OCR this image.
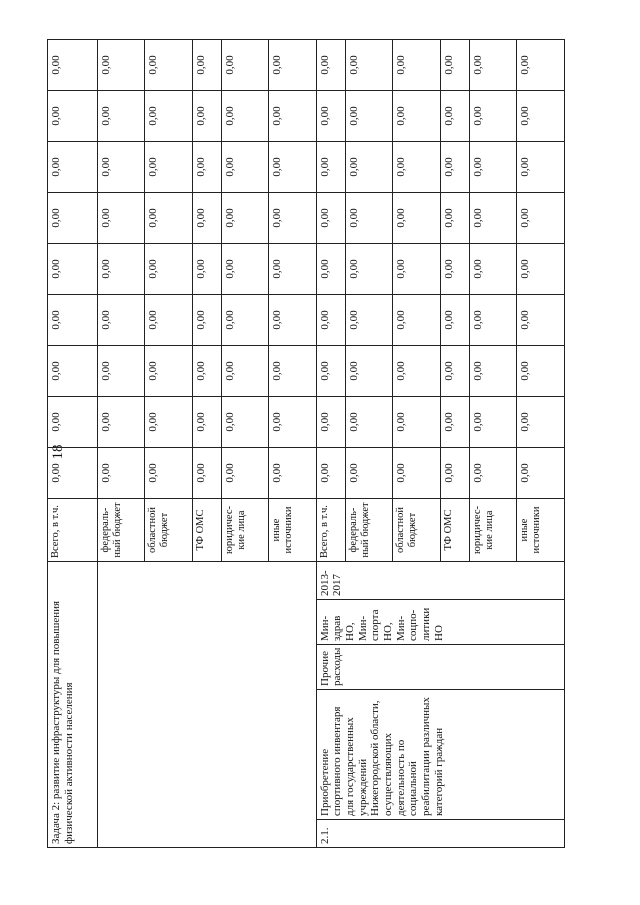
18
Задача 2: развитие инфраструктуры для повышения физической активности населения					Всего, в т.ч.	0,00	0,00	0,00	0,00	0,00	0,00	0,00	0,00	0,00

					федераль-ный бюджет	0,00	0,00	0,00	0,00	0,00	0,00	0,00	0,00	0,00

					областной бюджет	0,00	0,00	0,00	0,00	0,00	0,00	0,00	0,00	0,00

					ТФ ОМС	0,00	0,00	0,00	0,00	0,00	0,00	0,00	0,00	0,00

					юридичес-кие лица	0,00	0,00	0,00	0,00	0,00	0,00	0,00	0,00	0,00

					иные источники	0,00	0,00	0,00	0,00	0,00	0,00	0,00	0,00	0,00
2.1.	Приобретение спортивного инвентаря для государственных учреждений Нижегородской области, осуществляющих деятельность по социальной реабилитации различных категорий граждан	Прочие расходы	Мин-здрав НО, Мин-спорта НО, Мин-соцпо-литики НО	2013-2017	Всего, в т.ч.	0,00	0,00	0,00	0,00	0,00	0,00	0,00	0,00	0,00

					федераль-ный бюджет	0,00	0,00	0,00	0,00	0,00	0,00	0,00	0,00	0,00

					областной бюджет	0,00	0,00	0,00	0,00	0,00	0,00	0,00	0,00	0,00

					ТФ ОМС	0,00	0,00	0,00	0,00	0,00	0,00	0,00	0,00	0,00

					юридичес-кие лица	0,00	0,00	0,00	0,00	0,00	0,00	0,00	0,00	0,00

					иные источники	0,00	0,00	0,00	0,00	0,00	0,00	0,00	0,00	0,00
